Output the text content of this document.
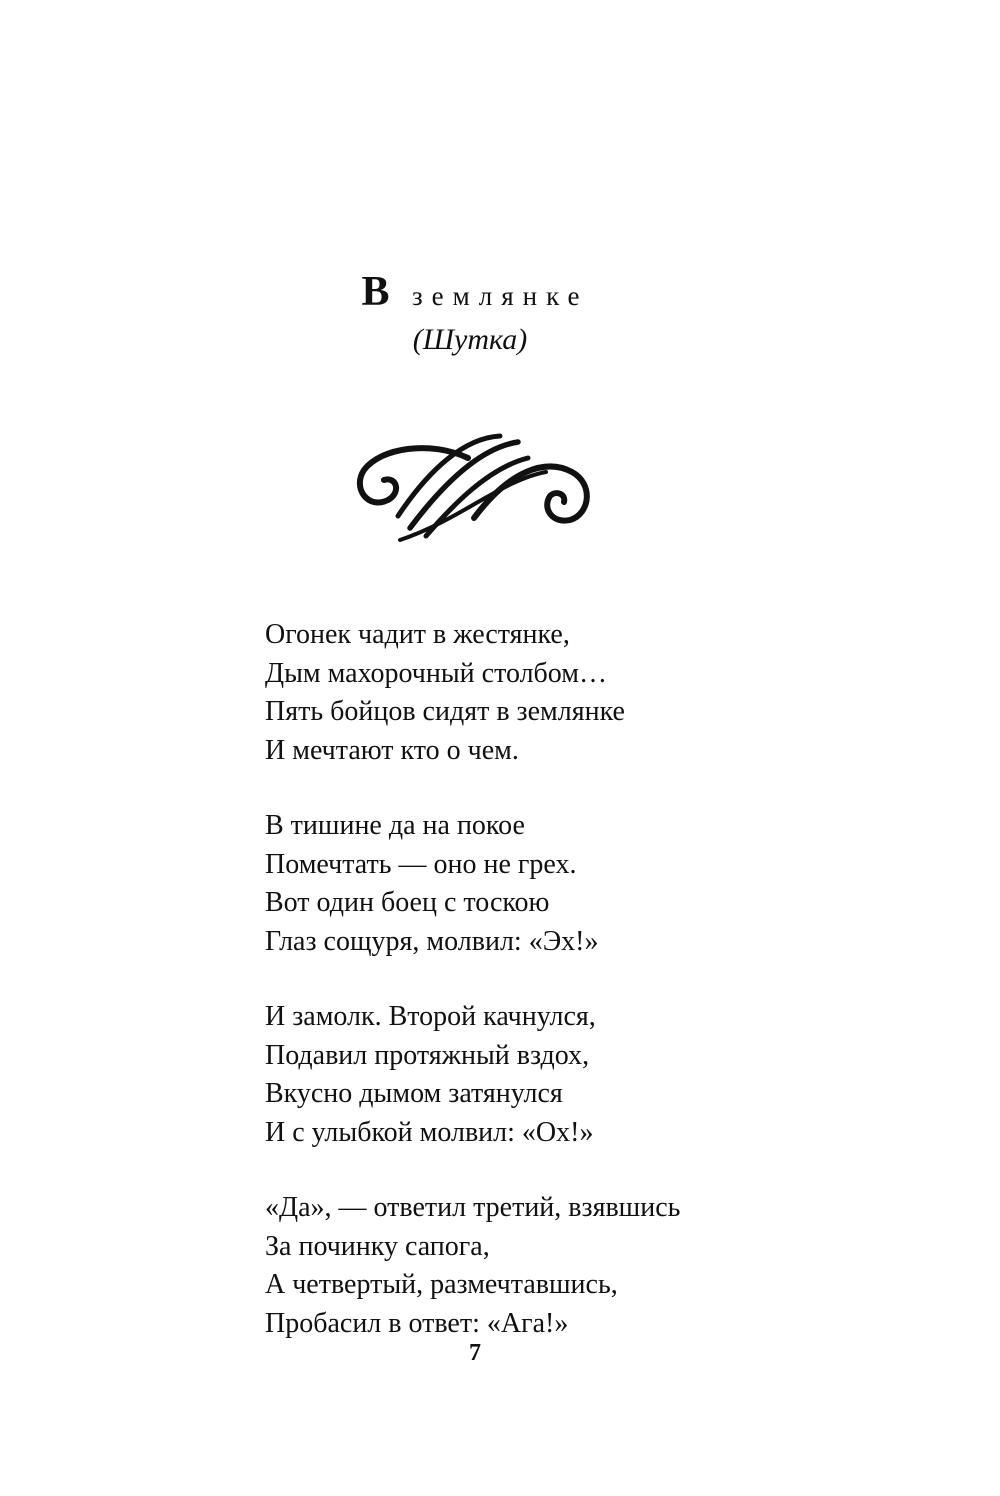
В землянке
(Шутка)
Огонек чадит в жестянке,
Дым махорочный столбом…
Пять бойцов сидят в землянке
И мечтают кто о чем.
В тишине да на покое
Помечтать — оно не грех.
Вот один боец с тоскою
Глаз сощуря, молвил: «Эх!»
И замолк. Второй качнулся,
Подавил протяжный вздох,
Вкусно дымом затянулся
И с улыбкой молвил: «Ох!»
«Да», — ответил третий, взявшись
За починку сапога,
А четвертый, размечтавшись,
Пробасил в ответ: «Ага!»
7
